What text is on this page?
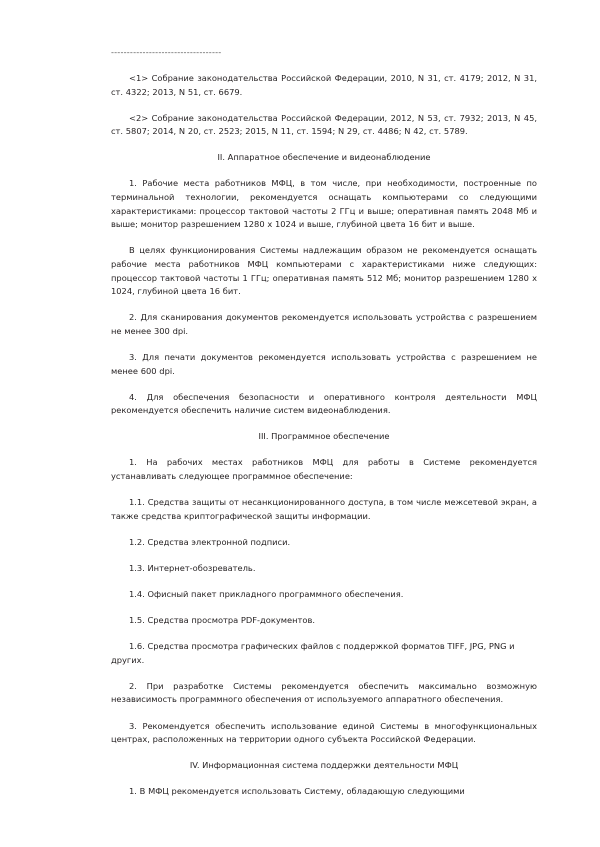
-----------------------------------

<1> Собрание законодательства Российской Федерации, 2010, N 31, ст. 4179; 2012, N 31, ст. 4322; 2013, N 51, ст. 6679.

<2> Собрание законодательства Российской Федерации, 2012, N 53, ст. 7932; 2013, N 45, ст. 5807; 2014, N 20, ст. 2523; 2015, N 11, ст. 1594; N 29, ст. 4486; N 42, ст. 5789.

II. Аппаратное обеспечение и видеонаблюдение

1. Рабочие места работников МФЦ, в том числе, при необходимости, построенные по терминальной технологии, рекомендуется оснащать компьютерами со следующими характеристиками: процессор тактовой частоты 2 ГГц и выше; оперативная память 2048 Мб и выше; монитор разрешением 1280 x 1024 и выше, глубиной цвета 16 бит и выше.

В целях функционирования Системы надлежащим образом не рекомендуется оснащать рабочие места работников МФЦ компьютерами с характеристиками ниже следующих: процессор тактовой частоты 1 ГГц; оперативная память 512 Мб; монитор разрешением 1280 x 1024, глубиной цвета 16 бит.

2. Для сканирования документов рекомендуется использовать устройства с разрешением не менее 300 dpi.

3. Для печати документов рекомендуется использовать устройства с разрешением не менее 600 dpi.

4. Для обеспечения безопасности и оперативного контроля деятельности МФЦ рекомендуется обеспечить наличие систем видеонаблюдения.

III. Программное обеспечение

1. На рабочих местах работников МФЦ для работы в Системе рекомендуется устанавливать следующее программное обеспечение:

1.1. Средства защиты от несанкционированного доступа, в том числе межсетевой экран, а также средства криптографической защиты информации.

1.2. Средства электронной подписи.

1.3. Интернет-обозреватель.

1.4. Офисный пакет прикладного программного обеспечения.

1.5. Средства просмотра PDF-документов.

1.6. Средства просмотра графических файлов с поддержкой форматов TIFF, JPG, PNG и других.

2. При разработке Системы рекомендуется обеспечить максимально возможную независимость программного обеспечения от используемого аппаратного обеспечения.

3. Рекомендуется обеспечить использование единой Системы в многофункциональных центрах, расположенных на территории одного субъекта Российской Федерации.

IV. Информационная система поддержки деятельности МФЦ

1. В МФЦ рекомендуется использовать Систему, обладающую следующими
